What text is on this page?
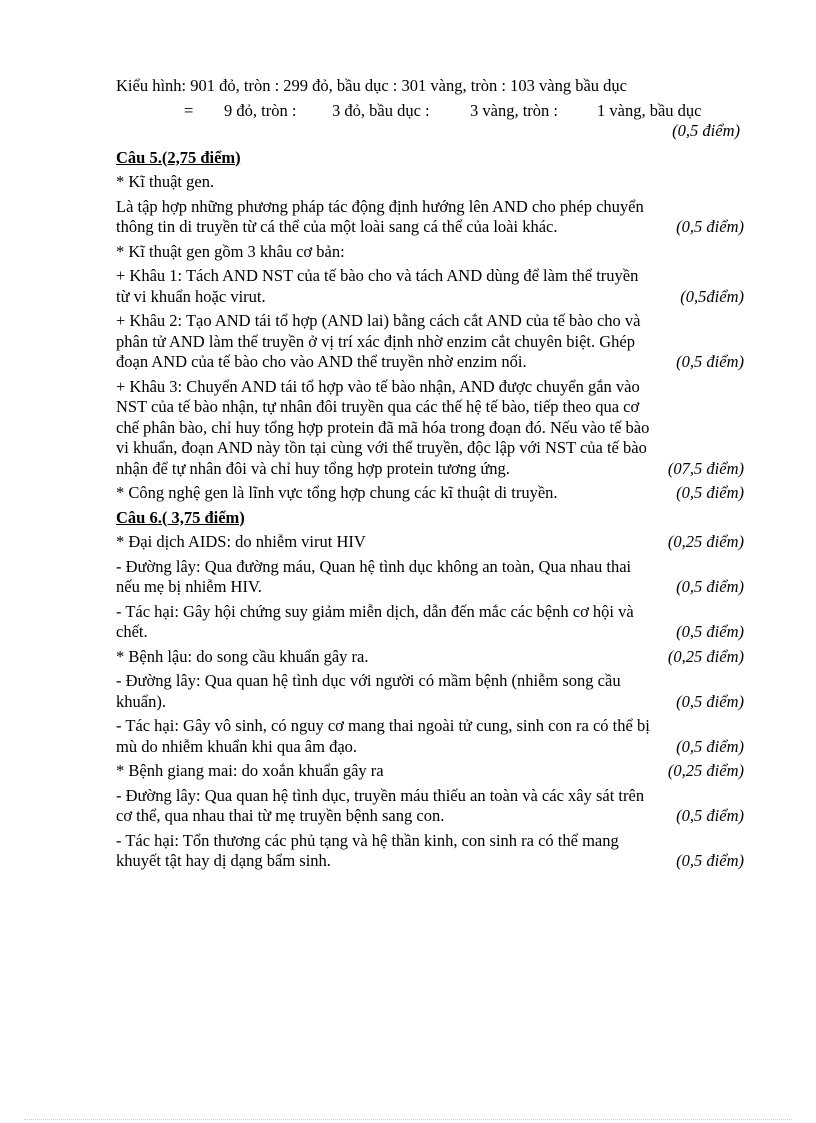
Kiểu hình: 901 đỏ, tròn : 299 đỏ, bầu dục : 301 vàng, tròn : 103 vàng bầu dục

=	9 đỏ, tròn :	3 đỏ, bầu dục :	3 vàng, tròn :	1 vàng, bầu dục
(0,5 điểm)
Câu 5.(2,75 điểm)

* Kĩ thuật gen.

Là tập hợp những phương pháp tác động định hướng lên AND cho phép chuyển
thông tin di truyền từ cá thể của một loài sang cá thể của loài khác.	(0,5 điểm)

* Kĩ thuật gen gồm 3 khâu cơ bản:

+ Khâu 1: Tách AND NST của tế bào cho và tách AND dùng để làm thể truyền
từ vi khuẩn hoặc virut.	(0,5điểm)
+ Khâu 2: Tạo AND tái tổ hợp (AND lai) bằng cách cắt AND của tế bào cho và
phân tử AND làm thể truyền ở vị trí xác định nhờ enzim cắt chuyên biệt. Ghép
đoạn AND của tế bào cho vào AND thể truyền nhờ enzim nối.	(0,5 điểm)
+ Khâu 3: Chuyển AND tái tổ hợp vào tế bào nhận, AND được chuyển gắn vào
NST của tế bào nhận, tự nhân đôi truyền qua các thế hệ tế bào, tiếp theo qua cơ
chế phân bào, chỉ huy tổng hợp protein đã mã hóa trong đoạn đó. Nếu vào tế bào
vi khuẩn, đoạn AND này tồn tại cùng với thể truyền, độc lập với NST của tế bào
nhận để tự nhân đôi và chỉ huy tổng hợp protein tương ứng.	(07,5 điểm)
* Công nghệ gen là lĩnh vực tổng hợp chung các kĩ thuật di truyền.	(0,5 điểm)
Câu 6.( 3,75 điểm)
* Đại dịch AIDS: do nhiễm virut HIV	(0,25 điểm)
- Đường lây: Qua đường máu, Quan hệ tình dục không an toàn, Qua nhau thai
nếu mẹ bị nhiễm HIV.	(0,5 điểm)
- Tác hại: Gây hội chứng suy giảm miễn dịch, dẫn đến mắc các bệnh cơ hội và
chết.	(0,5 điểm)
* Bệnh lậu: do song cầu khuẩn gây ra.	(0,25 điểm)
- Đường lây: Qua quan hệ tình dục với người có mầm bệnh (nhiễm song cầu
khuẩn).	(0,5 điểm)
- Tác hại: Gây vô sinh, có nguy cơ mang thai ngoài tử cung, sinh con ra có thể bị
mù do nhiễm khuẩn khi qua âm đạo.	(0,5 điểm)
* Bệnh giang mai: do xoắn khuẩn gây ra	(0,25 điểm)
- Đường lây: Qua quan hệ tình dục, truyền máu thiếu an toàn và các xây sát trên
cơ thể, qua nhau thai từ mẹ truyền bệnh sang con.	(0,5 điểm)
- Tác hại: Tổn thương các phủ tạng và hệ thần kinh, con sinh ra có thể mang
khuyết tật hay dị dạng bẩm sinh.	(0,5 điểm)
